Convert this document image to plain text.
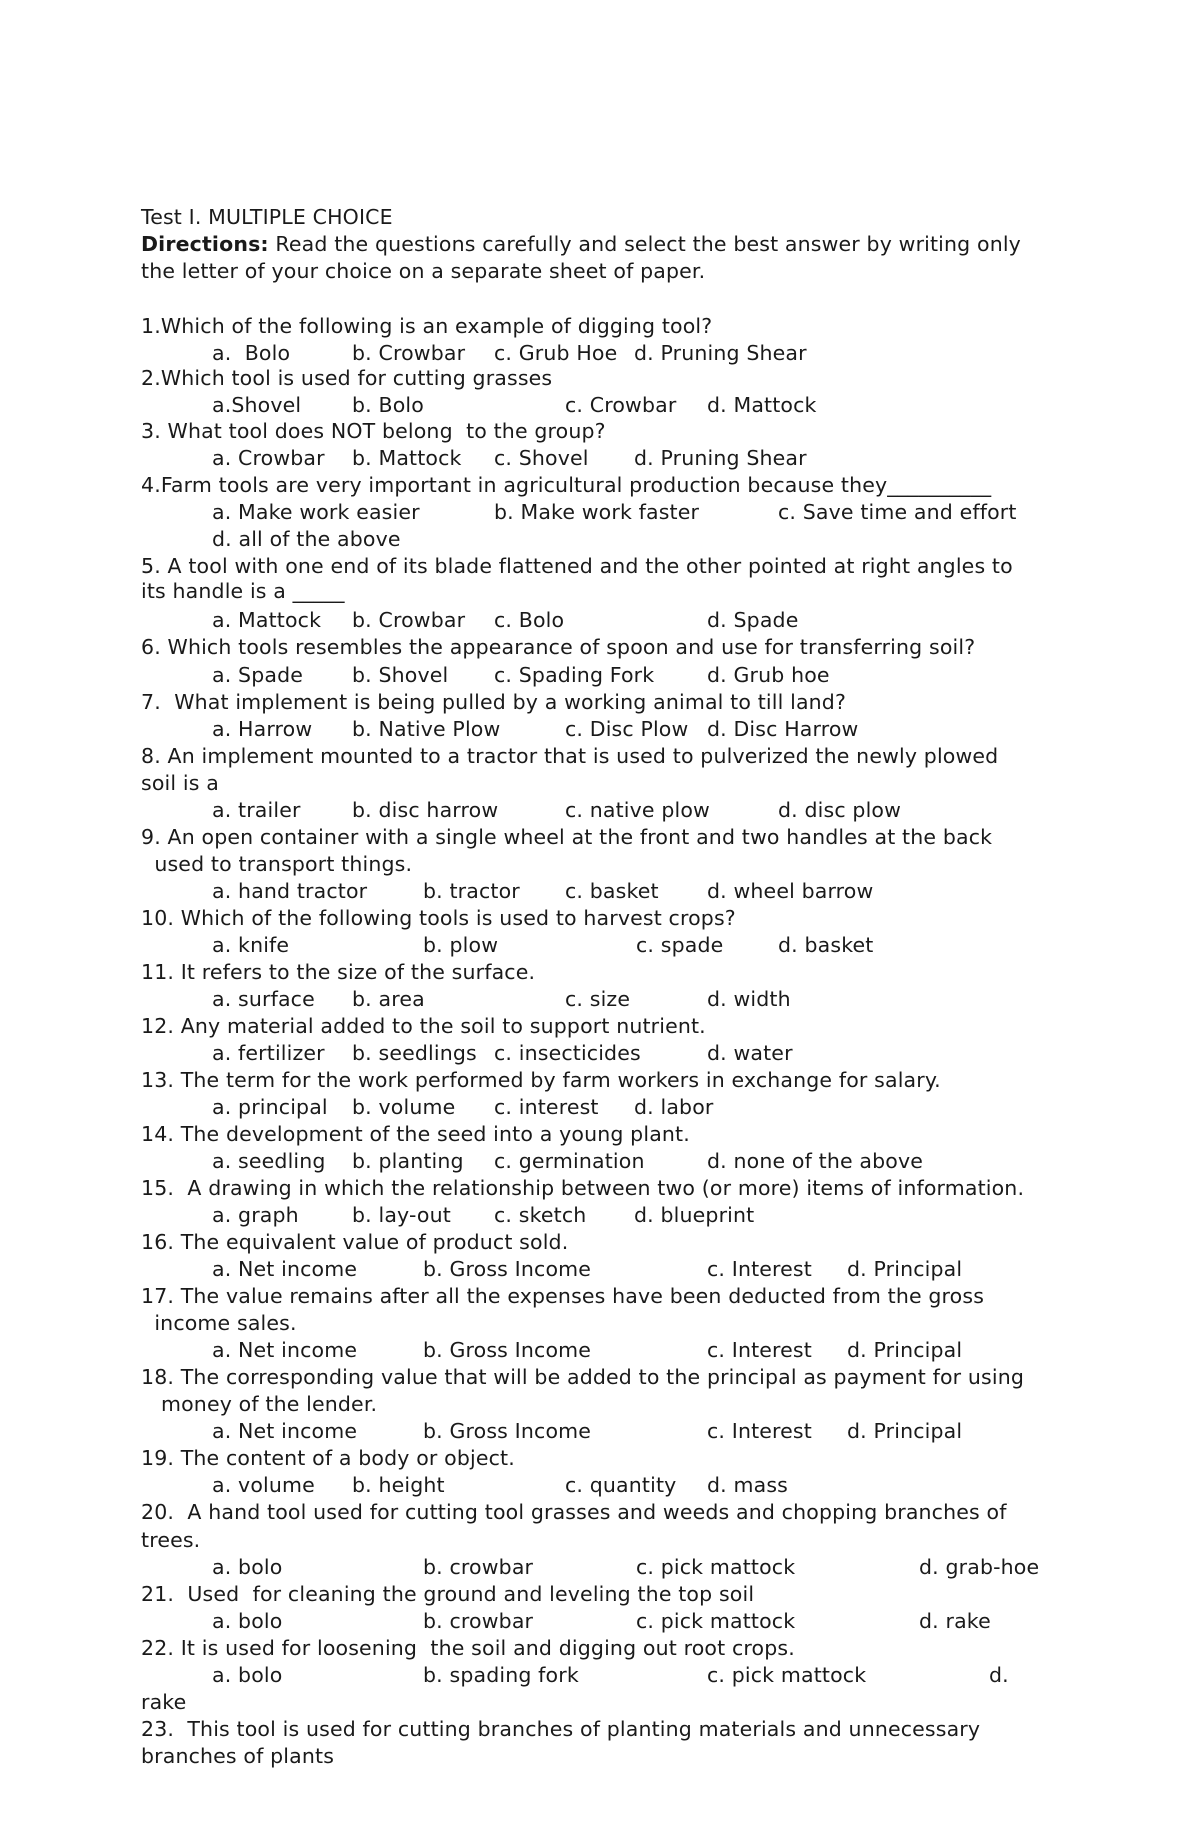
Test I. MULTIPLE CHOICE
Directions: Read the questions carefully and select the best answer by writing only
the letter of your choice on a separate sheet of paper.
1.Which of the following is an example of digging tool?
a.  Bolo	b. Crowbar c. Grub Hoe d. Pruning Shear
2.Which tool is used for cutting grasses
a.Shovel b. Bolo	c. Crowbar d. Mattock
3. What tool does NOT belong  to the group?
a. Crowbar b. Mattock c. Shovel d. Pruning Shear
4.Farm tools are very important in agricultural production because they__________
a. Make work easier	b. Make work faster	c. Save time and effort
d. all of the above
5. A tool with one end of its blade flattened and the other pointed at right angles to
its handle is a _____
a. Mattock b. Crowbar c. Bolo	d. Spade
6. Which tools resembles the appearance of spoon and use for transferring soil?
a. Spade b. Shovel c. Spading Fork	d. Grub hoe
7.  What implement is being pulled by a working animal to till land?
a. Harrow b. Native Plow	c. Disc Plow d. Disc Harrow
8. An implement mounted to a tractor that is used to pulverized the newly plowed
soil is a
a. trailer	b. disc harrow	c. native plow	d. disc plow
9. An open container with a single wheel at the front and two handles at the back
used to transport things.
a. hand tractor	b. tractor c. basket d. wheel barrow
10. Which of the following tools is used to harvest crops?
a. knife	b. plow	c. spade	d. basket
11. It refers to the size of the surface.
a. surface b. area	c. size	d. width
12. Any material added to the soil to support nutrient.
a. fertilizer b. seedlings c. insecticides	d. water
13. The term for the work performed by farm workers in exchange for salary.
a. principal b. volume c. interest d. labor
14. The development of the seed into a young plant.
a. seedling b. planting c. germination	d. none of the above
15.  A drawing in which the relationship between two (or more) items of information.
a. graph	b. lay-out c. sketch d. blueprint
16. The equivalent value of product sold.
a. Net income	b. Gross Income	c. Interest d. Principal
17. The value remains after all the expenses have been deducted from the gross
income sales.
a. Net income	b. Gross Income	c. Interest d. Principal
18. The corresponding value that will be added to the principal as payment for using
money of the lender.
a. Net income	b. Gross Income	c. Interest d. Principal
19. The content of a body or object.
a. volume b. height	c. quantity d. mass
20.  A hand tool used for cutting tool grasses and weeds and chopping branches of
trees.
a. bolo	b. crowbar	c. pick mattock	d. grab-hoe
21.  Used  for cleaning the ground and leveling the top soil
a. bolo	b. crowbar	c. pick mattock	d. rake
22. It is used for loosening  the soil and digging out root crops.
a. bolo	b. spading fork	c. pick mattock	d.
rake
23.  This tool is used for cutting branches of planting materials and unnecessary
branches of plants
